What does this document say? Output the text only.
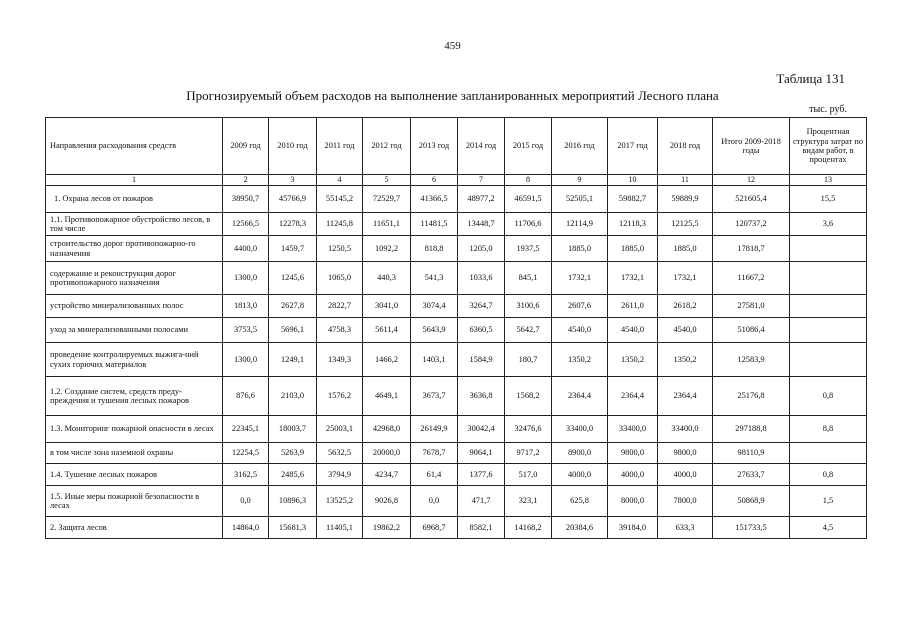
459
Таблица 131
Прогнозируемый объем расходов на выполнение запланированных мероприятий Лесного плана
тыс. руб.
Направления расходования средств	2009 год	2010 год	2011 год	2012 год	2013 год	2014 год	2015 год	2016 год	2017 год	2018 год	Итого 2009-2018 годы	Процентная структура затрат по видам работ, в процентах
1	2	3	4	5	6	7	8	9	10	11	12	13
1. Охрана лесов от пожаров	38950,7	45766,9	55145,2	72529,7	41366,5	48977,2	46591,5	52505,1	59882,7	59889,9	521605,4	15,5
1.1. Противопожарное обустройство лесов, в том числе	12566,5	12278,3	11245,8	11651,1	11481,5	13448,7	11706,6	12114,9	12118,3	12125,5	120737,2	3,6
строительство дорог противопожарно-го назначения	4400,0	1459,7	1250,5	1092,2	818,8	1205,0	1937,5	1885,0	1885,0	1885,0	17818,7	
содержание и реконструкция дорог противопожарного назначения	1300,0	1245,6	1065,0	440,3	541,3	1033,6	845,1	1732,1	1732,1	1732,1	11667,2	
устройство минерализованных полос	1813,0	2627,8	2822,7	3041,0	3074,4	3264,7	3100,6	2607,6	2611,0	2618,2	27581,0	
уход за минерализованными полосами	3753,5	5696,1	4758,3	5611,4	5643,9	6360,5	5642,7	4540,0	4540,0	4540,0	51086,4	
проведение контролируемых выжига-ний сухих горючих материалов	1300,0	1249,1	1349,3	1466,2	1403,1	1584,9	180,7	1350,2	1350,2	1350,2	12583,9	
1.2. Создание систем, средств преду-преждения и тушения лесных пожаров	876,6	2103,0	1576,2	4649,1	3673,7	3636,8	1568,2	2364,4	2364,4	2364,4	25176,8	0,8
1.3. Мониторинг пожарной опасности в лесах	22345,1	18003,7	25003,1	42968,0	26149,9	30042,4	32476,6	33400,0	33400,0	33400,0	297188,8	8,8
в том числе зона наземной охраны	12254,5	5263,9	5632,5	20000,0	7678,7	9064,1	9717,2	8900,0	9800,0	9800,0	98110,9	
1.4. Тушение лесных пожаров	3162,5	2485,6	3794,9	4234,7	61,4	1377,6	517,0	4000,0	4000,0	4000,0	27633,7	0,8
1.5. Иные меры пожарной безопасности в лесах	0,0	10896,3	13525,2	9026,8	0,0	471,7	323,1	625,8	8000,0	7800,0	50868,9	1,5
2. Защита лесов	14864,0	15681,3	11405,1	19862,2	6968,7	8582,1	14168,2	20384,6	39184,0	633,3	151733,5	4,5
